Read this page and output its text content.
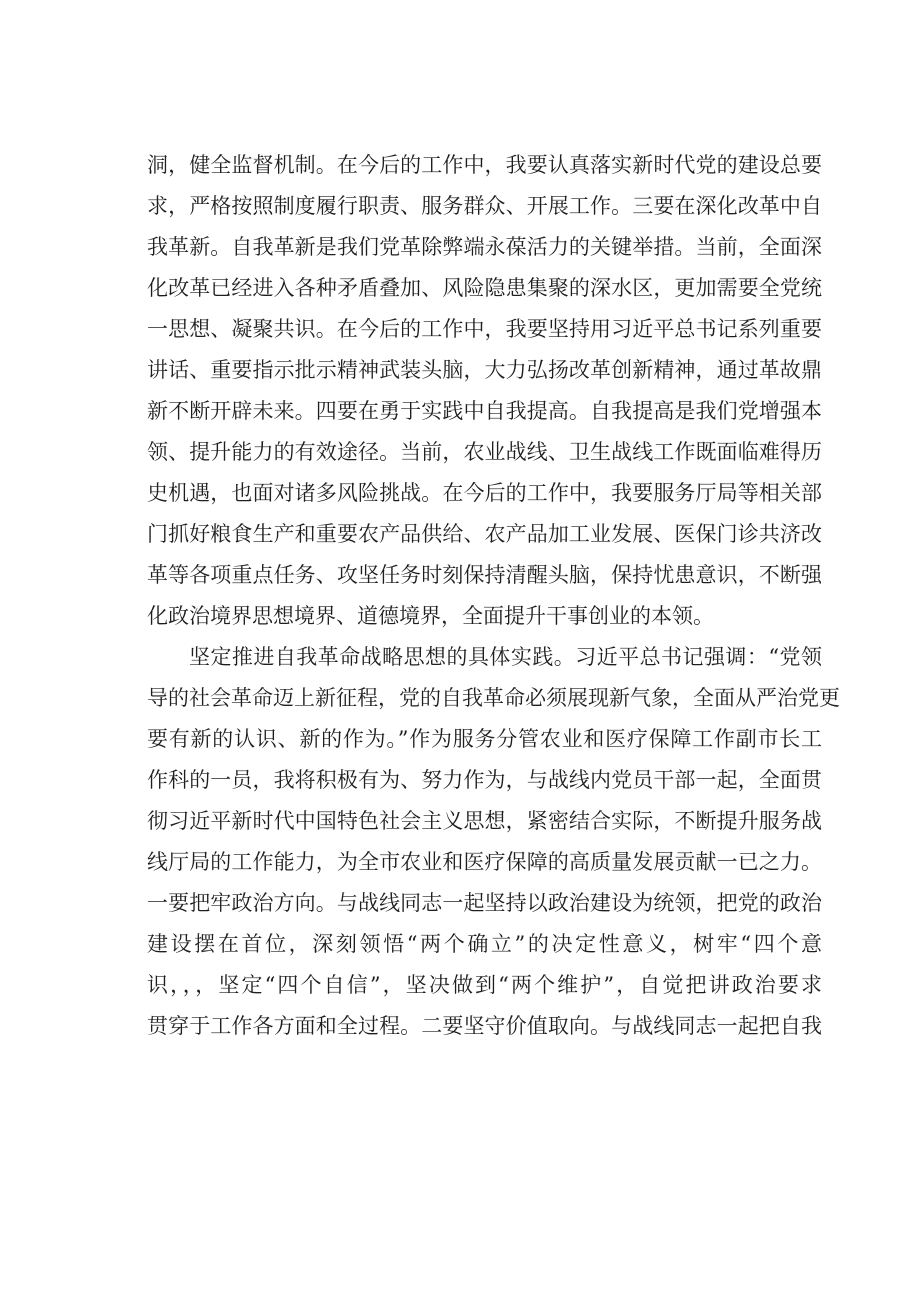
洞，健全监督机制。在今后的工作中，我要认真落实新时代党的建设总要
求，严格按照制度履行职责、服务群众、开展工作。三要在深化改革中自
我革新。自我革新是我们党革除弊端永葆活力的关键举措。当前，全面深
化改革已经进入各种矛盾叠加、风险隐患集聚的深水区，更加需要全党统
一思想、凝聚共识。在今后的工作中，我要坚持用习近平总书记系列重要
讲话、重要指示批示精神武装头脑，大力弘扬改革创新精神，通过革故鼎
新不断开辟未来。四要在勇于实践中自我提高。自我提高是我们党增强本
领、提升能力的有效途径。当前，农业战线、卫生战线工作既面临难得历
史机遇，也面对诸多风险挑战。在今后的工作中，我要服务厅局等相关部
门抓好粮食生产和重要农产品供给、农产品加工业发展、医保门诊共济改
革等各项重点任务、攻坚任务时刻保持清醒头脑，保持忧患意识，不断强
化政治境界思想境界、道德境界，全面提升干事创业的本领。
坚定推进自我革命战略思想的具体实践。习近平总书记强调：“党领
导的社会革命迈上新征程，党的自我革命必须展现新气象，全面从严治党更
要有新的认识、新的作为。”作为服务分管农业和医疗保障工作副市长工
作科的一员，我将积极有为、努力作为，与战线内党员干部一起，全面贯
彻习近平新时代中国特色社会主义思想，紧密结合实际，不断提升服务战
线厅局的工作能力，为全市农业和医疗保障的高质量发展贡献一已之力。
一要把牢政治方向。与战线同志一起坚持以政治建设为统领，把党的政治
建设摆在首位，深刻领悟“两个确立”的决定性意义，树牢“四个意
识，，，坚定“四个自信”，坚决做到“两个维护”，自觉把讲政治要求
贯穿于工作各方面和全过程。二要坚守价值取向。与战线同志一起把自我
